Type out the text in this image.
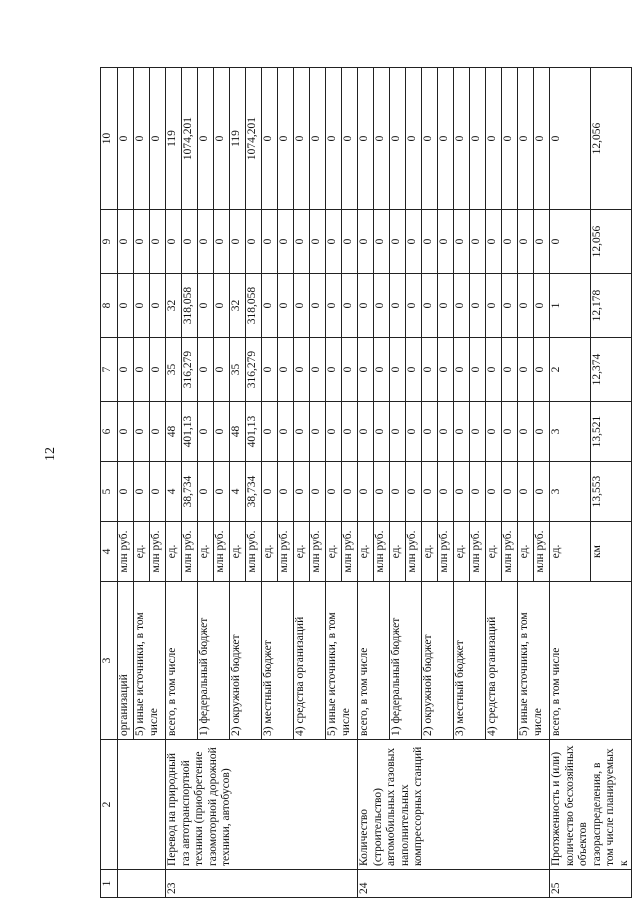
12
1	2	3	4	5	6	7	8	9	10
		организаций	млн руб.	0	0	0	0	0	0
		5) иные источники, в том числе	ед.	0	0	0	0	0	0
			млн руб.	0	0	0	0	0	0
23	Перевод на природный газ автотранспортной техники (приобретение газомоторной дорожной техники, автобусов)	всего, в том числе	ед.	4	48	35	32	0	119
			млн руб.	38,734	401,13	316,279	318,058	0	1074,201
		1) федеральный бюджет	ед.	0	0	0	0	0	0
			млн руб.	0	0	0	0	0	0
		2) окружной бюджет	ед.	4	48	35	32	0	119
			млн руб.	38,734	401,13	316,279	318,058	0	1074,201
		3) местный бюджет	ед.	0	0	0	0	0	0
			млн руб.	0	0	0	0	0	0
		4) средства организаций	ед.	0	0	0	0	0	0
			млн руб.	0	0	0	0	0	0
		5) иные источники, в том числе	ед.	0	0	0	0	0	0
			млн руб.	0	0	0	0	0	0
24	Количество (строительство) автомобильных газовых наполнительных компрессорных станций	всего, в том числе	ед.	0	0	0	0	0	0
			млн руб.	0	0	0	0	0	0
		1) федеральный бюджет	ед.	0	0	0	0	0	0
			млн руб.	0	0	0	0	0	0
		2) окружной бюджет	ед.	0	0	0	0	0	0
			млн руб.	0	0	0	0	0	0
		3) местный бюджет	ед.	0	0	0	0	0	0
			млн руб.	0	0	0	0	0	0
		4) средства организаций	ед.	0	0	0	0	0	0
			млн руб.	0	0	0	0	0	0
		5) иные источники, в том числе	ед.	0	0	0	0	0	0
			млн руб.	0	0	0	0	0	0
25	Протяженность и (или) количество бесхозяйных объектов газораспределения, в том числе планируемых к	всего, в том числе	ед.	3	3	2	1	0	0
			км	13,553	13,521	12,374	12,178	12,056	12,056
